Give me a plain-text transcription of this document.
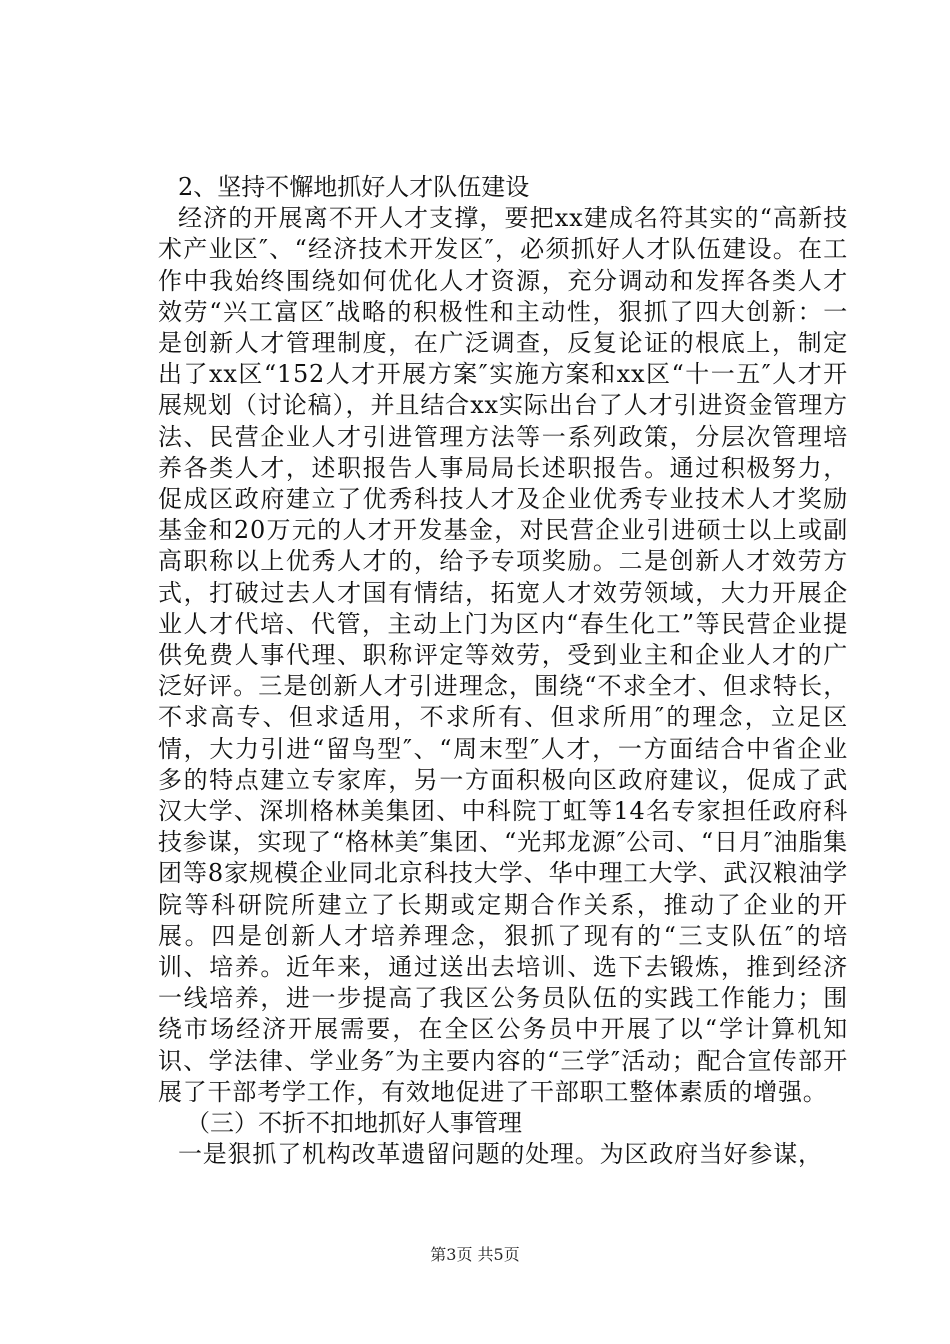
2、坚持不懈地抓好人才队伍建设

经济的开展离不开人才支撑，要把xx建成名符其实的“高新技术产业区″、“经济技术开发区″，必须抓好人才队伍建设。在工作中我始终围绕如何优化人才资源，充分调动和发挥各类人才效劳“兴工富区″战略的积极性和主动性，狠抓了四大创新：一是创新人才管理制度，在广泛调查，反复论证的根底上，制定出了xx区“152人才开展方案″实施方案和xx区“十一五″人才开展规划（讨论稿），并且结合xx实际出台了人才引进资金管理方法、民营企业人才引进管理方法等一系列政策，分层次管理培养各类人才，述职报告人事局局长述职报告。通过积极努力，促成区政府建立了优秀科技人才及企业优秀专业技术人才奖励基金和20万元的人才开发基金，对民营企业引进硕士以上或副高职称以上优秀人才的，给予专项奖励。二是创新人才效劳方式，打破过去人才国有情结，拓宽人才效劳领域，大力开展企业人才代培、代管，主动上门为区内“春生化工”等民营企业提供免费人事代理、职称评定等效劳，受到业主和企业人才的广泛好评。三是创新人才引进理念，围绕“不求全才、但求特长，不求高专、但求适用，不求所有、但求所用″的理念，立足区情，大力引进“留鸟型″、“周末型″人才，一方面结合中省企业多的特点建立专家库，另一方面积极向区政府建议，促成了武汉大学、深圳格林美集团、中科院丁虹等14名专家担任政府科技参谋，实现了“格林美″集团、“光邦龙源″公司、“日月″油脂集团等8家规模企业同北京科技大学、华中理工大学、武汉粮油学院等科研院所建立了长期或定期合作关系，推动了企业的开展。四是创新人才培养理念，狠抓了现有的“三支队伍″的培训、培养。近年来，通过送出去培训、选下去锻炼，推到经济一线培养，进一步提高了我区公务员队伍的实践工作能力；围绕市场经济开展需要，在全区公务员中开展了以“学计算机知识、学法律、学业务″为主要内容的“三学″活动；配合宣传部开展了干部考学工作，有效地促进了干部职工整体素质的增强。

（三）不折不扣地抓好人事管理

一是狠抓了机构改革遗留问题的处理。为区政府当好参谋，

第3页 共5页
